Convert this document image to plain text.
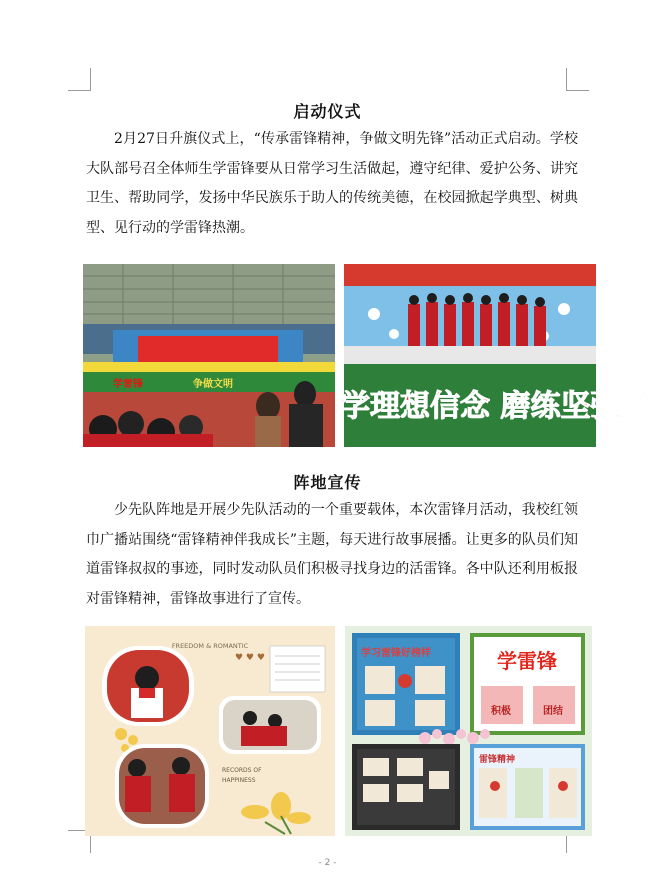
启动仪式

2月27日升旗仪式上，“传承雷锋精神，争做文明先锋”活动正式启动。学校大队部号召全体师生学雷锋要从日常学习生活做起，遵守纪律、爱护公务、讲究卫生、帮助同学，发扬中华民族乐于助人的传统美德，在校园掀起学典型、树典型、见行动的学雷锋热潮。

学雷锋	争做文明
学理想信念 磨练坚强意
阵地宣传

少先队阵地是开展少先队活动的一个重要载体，本次雷锋月活动，我校红领巾广播站围绕“雷锋精神伴我成长”主题，每天进行故事展播。让更多的队员们知道雷锋叔叔的事迹，同时发动队员们积极寻找身边的活雷锋。各中队还利用板报对雷锋精神，雷锋故事进行了宣传。

FREEDOM & ROMANTIC
♥ ♥ ♥
RECORDS OF
HAPPINESS
学习雷锋好榜样	学雷锋
积极	团结
雷锋精神
- 2 -
